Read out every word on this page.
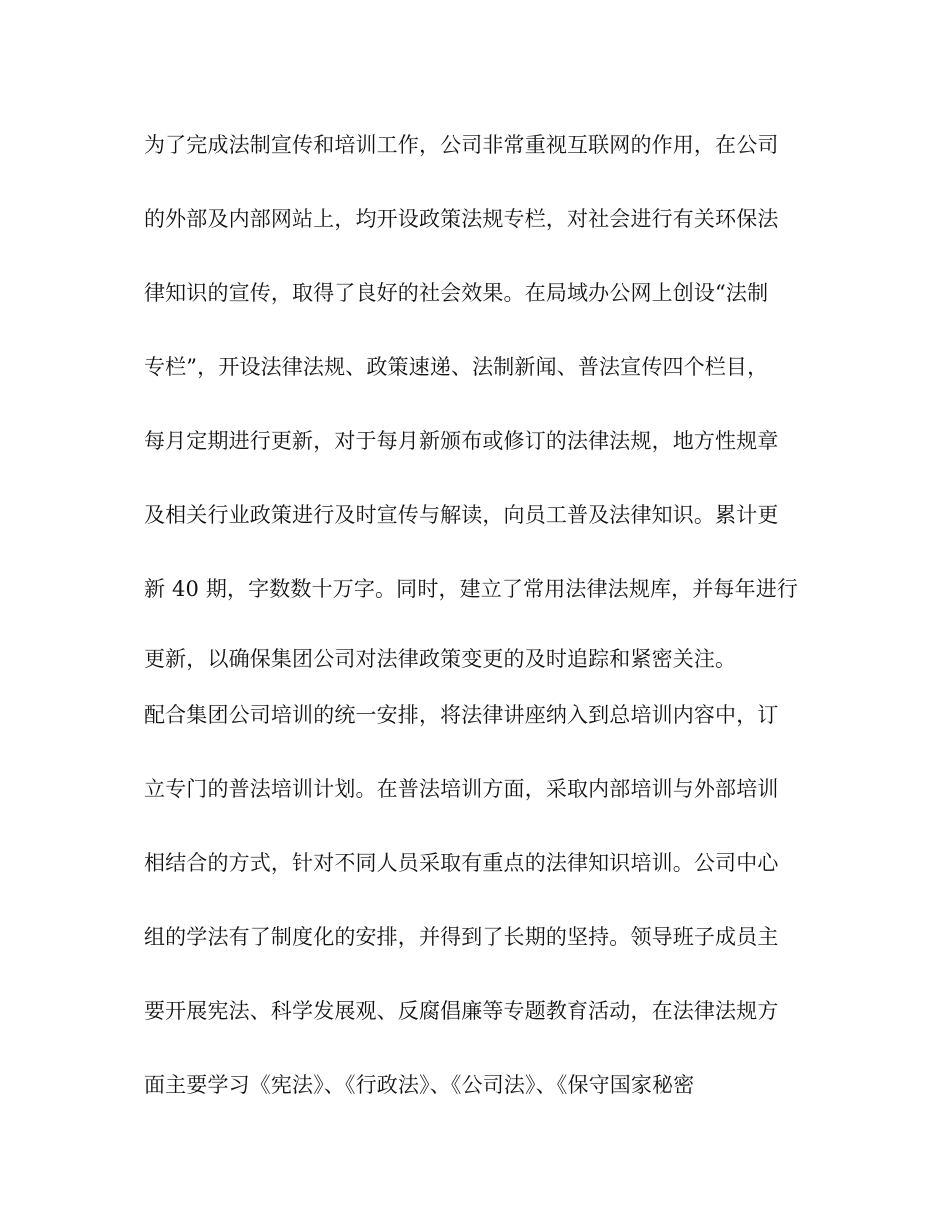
为了完成法制宣传和培训工作，公司非常重视互联网的作用，在公司
的外部及内部网站上，均开设政策法规专栏，对社会进行有关环保法
律知识的宣传，取得了良好的社会效果。在局域办公网上创设“法制
专栏”，开设法律法规、政策速递、法制新闻、普法宣传四个栏目，
每月定期进行更新，对于每月新颁布或修订的法律法规，地方性规章
及相关行业政策进行及时宣传与解读，向员工普及法律知识。累计更
新 40 期，字数数十万字。同时，建立了常用法律法规库，并每年进行
更新，以确保集团公司对法律政策变更的及时追踪和紧密关注。
配合集团公司培训的统一安排，将法律讲座纳入到总培训内容中，订
立专门的普法培训计划。在普法培训方面，采取内部培训与外部培训
相结合的方式，针对不同人员采取有重点的法律知识培训。公司中心
组的学法有了制度化的安排，并得到了长期的坚持。领导班子成员主
要开展宪法、科学发展观、反腐倡廉等专题教育活动，在法律法规方
面主要学习《宪法》、《行政法》、《公司法》、《保守国家秘密
